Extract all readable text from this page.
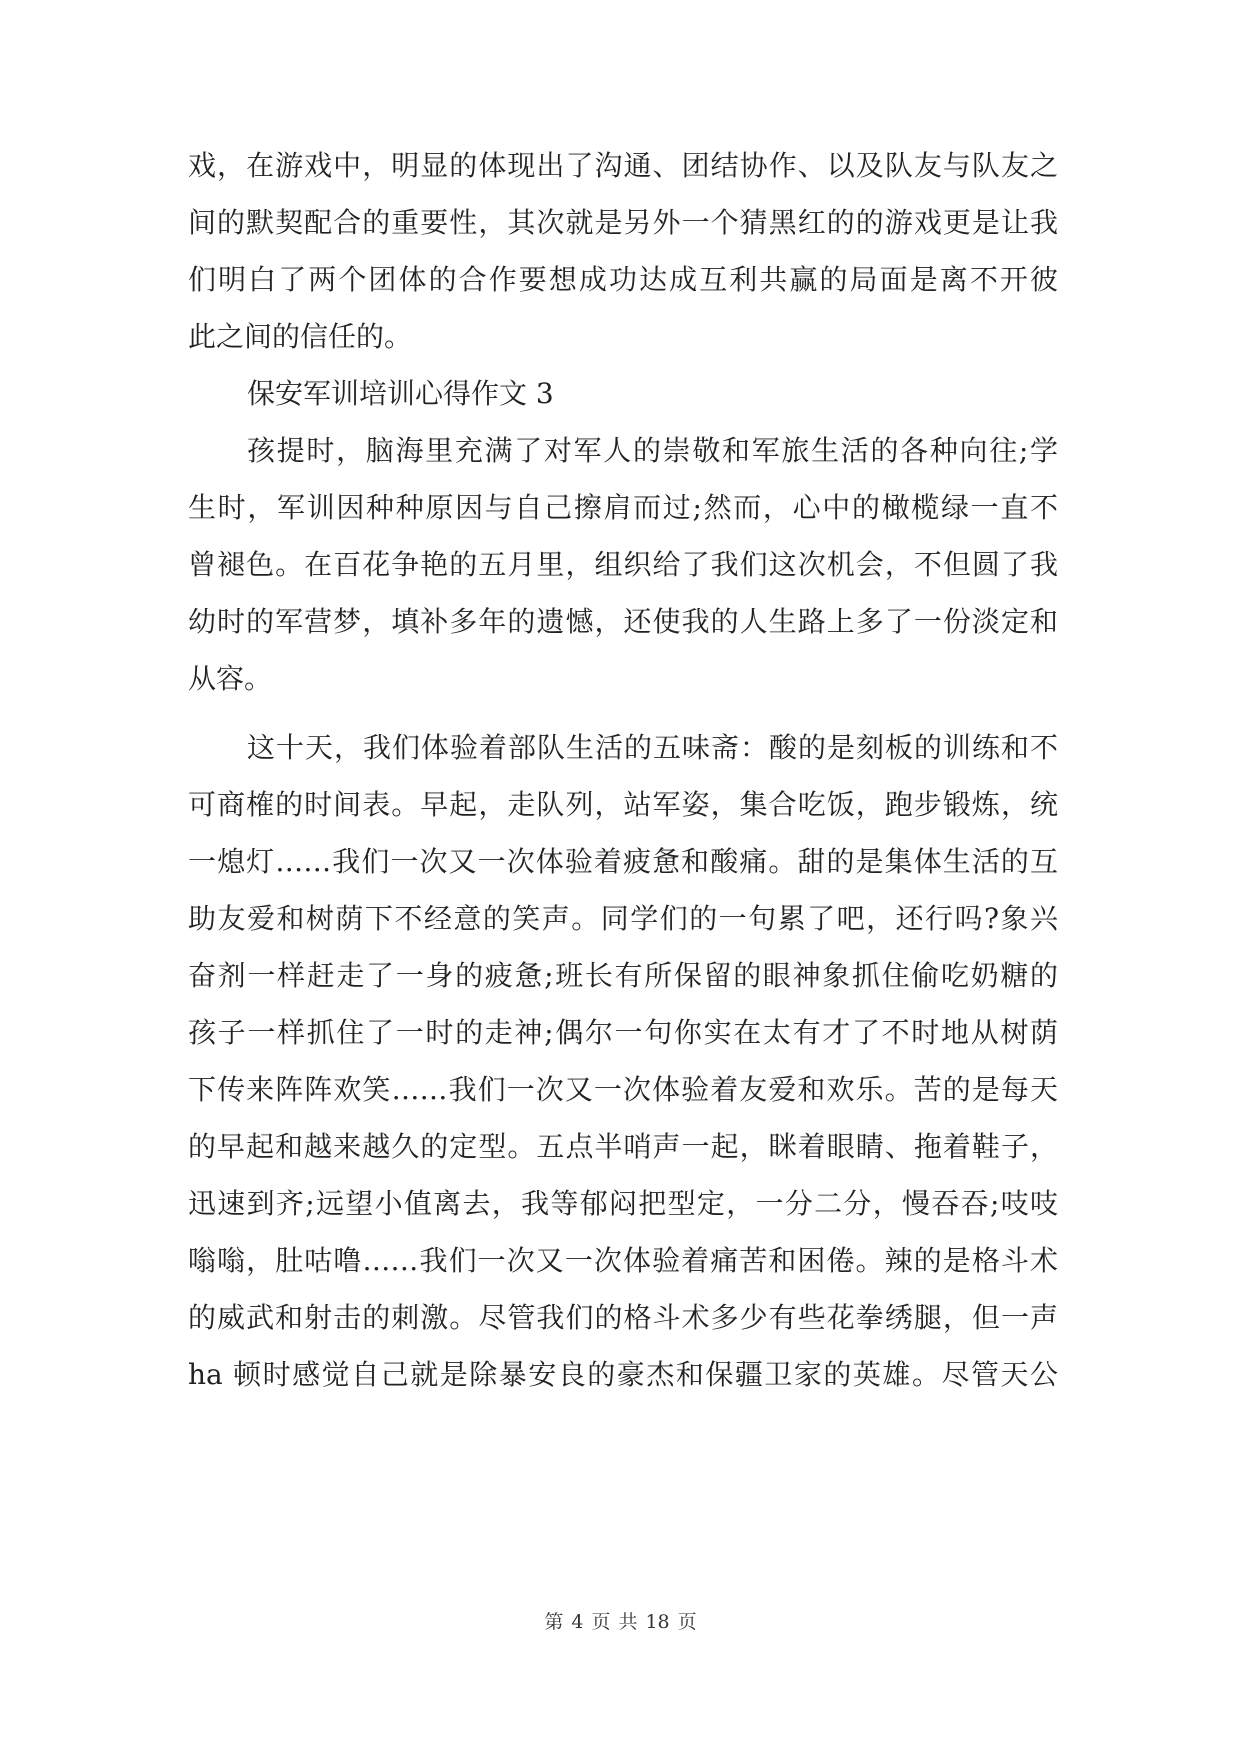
戏，在游戏中，明显的体现出了沟通、团结协作、以及队友与队友之
间的默契配合的重要性，其次就是另外一个猜黑红的的游戏更是让我
们明白了两个团体的合作要想成功达成互利共赢的局面是离不开彼
此之间的信任的。
保安军训培训心得作文 3
孩提时，脑海里充满了对军人的崇敬和军旅生活的各种向往;学
生时，军训因种种原因与自己擦肩而过;然而，心中的橄榄绿一直不
曾褪色。在百花争艳的五月里，组织给了我们这次机会，不但圆了我
幼时的军营梦，填补多年的遗憾，还使我的人生路上多了一份淡定和
从容。
这十天，我们体验着部队生活的五味斋：酸的是刻板的训练和不
可商榷的时间表。早起，走队列，站军姿，集合吃饭，跑步锻炼，统
一熄灯……我们一次又一次体验着疲惫和酸痛。甜的是集体生活的互
助友爱和树荫下不经意的笑声。同学们的一句累了吧，还行吗?象兴
奋剂一样赶走了一身的疲惫;班长有所保留的眼神象抓住偷吃奶糖的
孩子一样抓住了一时的走神;偶尔一句你实在太有才了不时地从树荫
下传来阵阵欢笑……我们一次又一次体验着友爱和欢乐。苦的是每天
的早起和越来越久的定型。五点半哨声一起，眯着眼睛、拖着鞋子，
迅速到齐;远望小值离去，我等郁闷把型定，一分二分，慢吞吞;吱吱
嗡嗡，肚咕噜……我们一次又一次体验着痛苦和困倦。辣的是格斗术
的威武和射击的刺激。尽管我们的格斗术多少有些花拳绣腿，但一声
ha 顿时感觉自己就是除暴安良的豪杰和保疆卫家的英雄。尽管天公
第 4 页 共 18 页
